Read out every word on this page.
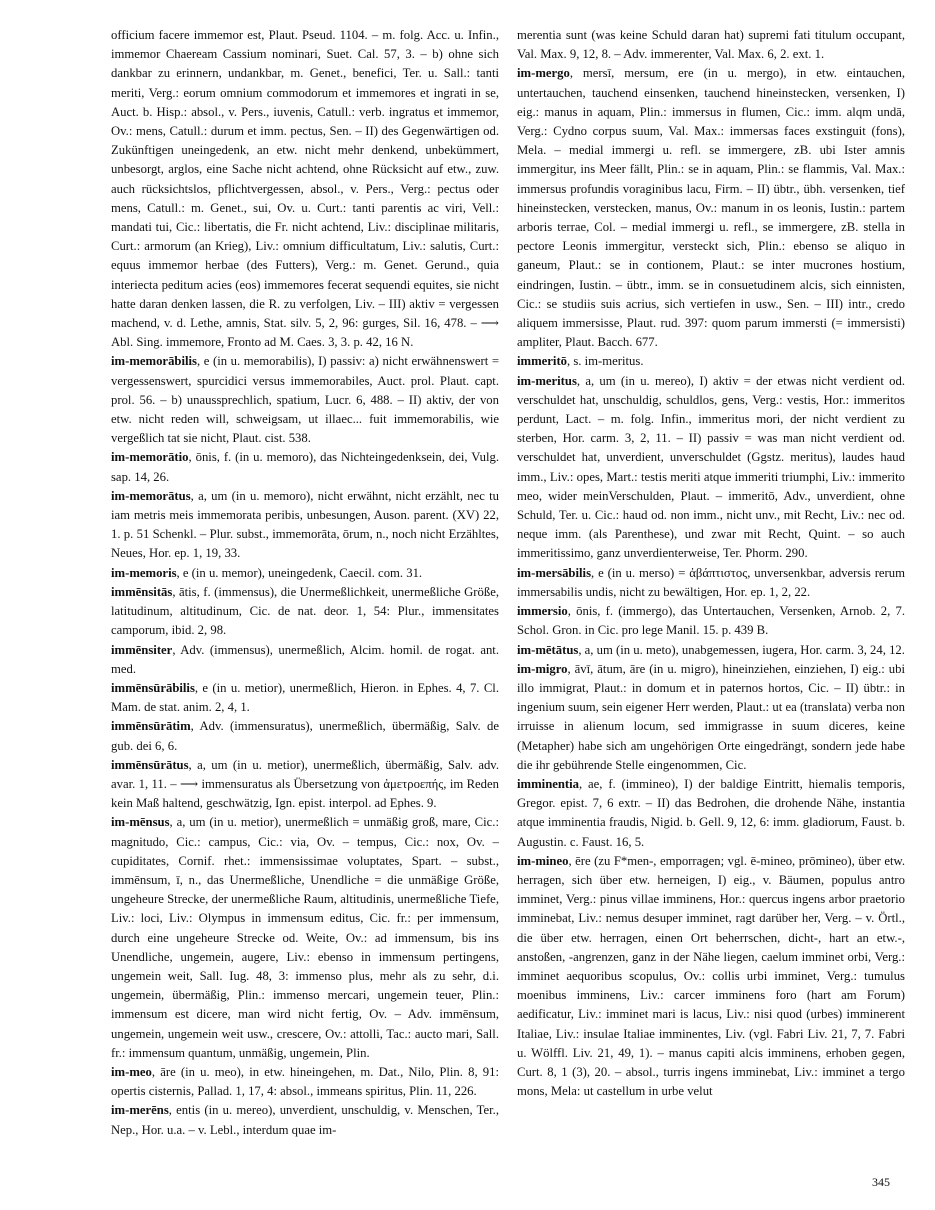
officium facere immemor est, Plaut. Pseud. 1104. – m. folg. Acc. u. Infin., immemor Chaeream Cassium nominari, Suet. Cal. 57, 3. – b) ohne sich dankbar zu erinnern, undankbar, m. Genet., benefici, Ter. u. Sall.: tanti meriti, Verg.: eorum omnium commodorum et immemores et ingrati in se, Auct. b. Hisp.: absol., v. Pers., iuvenis, Catull.: verb. ingratus et immemor, Ov.: mens, Catull.: durum et imm. pectus, Sen. – II) des Gegenwärtigen od. Zukünftigen uneingedenk, an etw. nicht mehr denkend, unbekümmert, unbesorgt, arglos, eine Sache nicht achtend, ohne Rücksicht auf etw., zuw. auch rücksichtslos, pflichtvergessen, absol., v. Pers., Verg.: pectus oder mens, Catull.: m. Genet., sui, Ov. u. Curt.: tanti parentis ac viri, Vell.: mandati tui, Cic.: libertatis, die Fr. nicht achtend, Liv.: disciplinae militaris, Curt.: armorum (an Krieg), Liv.: omnium difficultatum, Liv.: salutis, Curt.: equus immemor herbae (des Futters), Verg.: m. Genet. Gerund., quia interiecta peditum acies (eos) immemores fecerat sequendi equites, sie nicht hatte daran denken lassen, die R. zu verfolgen, Liv. – III) aktiv = vergessen machend, v. d. Lethe, amnis, Stat. silv. 5, 2, 96: gurges, Sil. 16, 478. – ⟶ Abl. Sing. immemore, Fronto ad M. Caes. 3, 3. p. 42, 16 N.

im-memorābilis, e (in u. memorabilis), I) passiv: a) nicht erwähnenswert = vergessenswert, spurcidici versus immemorabiles, Auct. prol. Plaut. capt. prol. 56. – b) unaussprechlich, spatium, Lucr. 6, 488. – II) aktiv, der von etw. nicht reden will, schweigsam, ut illaec... fuit immemorabilis, wie vergeßlich tat sie nicht, Plaut. cist. 538.

im-memorātio, ōnis, f. (in u. memoro), das Nichteingedenksein, dei, Vulg. sap. 14, 26.

im-memorātus, a, um (in u. memoro), nicht erwähnt, nicht erzählt, nec tu iam metris meis immemorata peribis, unbesungen, Auson. parent. (XV) 22, 1. p. 51 Schenkl. – Plur. subst., immemorāta, ōrum, n., noch nicht Erzähltes, Neues, Hor. ep. 1, 19, 33.

im-memoris, e (in u. memor), uneingedenk, Caecil. com. 31.

immēnsitās, ātis, f. (immensus), die Unermeßlichkeit, unermeßliche Größe, latitudinum, altitudinum, Cic. de nat. deor. 1, 54: Plur., immensitates camporum, ibid. 2, 98.

immēnsiter, Adv. (immensus), unermeßlich, Alcim. homil. de rogat. ant. med.

immēnsūrābilis, e (in u. metior), unermeßlich, Hieron. in Ephes. 4, 7. Cl. Mam. de stat. anim. 2, 4, 1.

immēnsūrātim, Adv. (immensuratus), unermeßlich, übermäßig, Salv. de gub. dei 6, 6.

immēnsūrātus, a, um (in u. metior), unermeßlich, übermäßig, Salv. adv. avar. 1, 11. – ⟶ immensuratus als Übersetzung von ἀμετροεπής, im Reden kein Maß haltend, geschwätzig, Ign. epist. interpol. ad Ephes. 9.

im-mēnsus, a, um (in u. metior), unermeßlich = unmäßig groß, mare, Cic.: magnitudo, Cic.: campus, Cic.: via, Ov. – tempus, Cic.: nox, Ov. – cupiditates, Cornif. rhet.: immensissimae voluptates, Spart. – subst., immēnsum, ī, n., das Unermeßliche, Unendliche = die unmäßige Größe, ungeheure Strecke, der unermeßliche Raum, altitudinis, unermeßliche Tiefe, Liv.: loci, Liv.: Olympus in immensum editus, Cic. fr.: per immensum, durch eine ungeheure Strecke od. Weite, Ov.: ad immensum, bis ins Unendliche, ungemein, augere, Liv.: ebenso in immensum pertingens, ungemein weit, Sall. Iug. 48, 3: immenso plus, mehr als zu sehr, d.i. ungemein, übermäßig, Plin.: immenso mercari, ungemein teuer, Plin.: immensum est dicere, man wird nicht fertig, Ov. – Adv. immēnsum, ungemein, ungemein weit usw., crescere, Ov.: attolli, Tac.: aucto mari, Sall. fr.: immensum quantum, unmäßig, ungemein, Plin.

im-meo, āre (in u. meo), in etw. hineingehen, m. Dat., Nilo, Plin. 8, 91: opertis cisternis, Pallad. 1, 17, 4: absol., immeans spiritus, Plin. 11, 226.

im-merēns, entis (in u. mereo), unverdient, unschuldig, v. Menschen, Ter., Nep., Hor. u.a. – v. Lebl., interdum quae im-

merentia sunt (was keine Schuld daran hat) supremi fati titulum occupant, Val. Max. 9, 12, 8. – Adv. immerenter, Val. Max. 6, 2. ext. 1.

im-mergo, mersī, mersum, ere (in u. mergo), in etw. eintauchen, untertauchen, tauchend einsenken, tauchend hineinstecken, versenken, I) eig.: manus in aquam, Plin.: immersus in flumen, Cic.: imm. alqm undā, Verg.: Cydno corpus suum, Val. Max.: immersas faces exstinguit (fons), Mela. – medial immergi u. refl. se immergere, zB. ubi Ister amnis immergitur, ins Meer fällt, Plin.: se in aquam, Plin.: se flammis, Val. Max.: immersus profundis voraginibus lacu, Firm. – II) übtr., übh. versenken, tief hineinstecken, verstecken, manus, Ov.: manum in os leonis, Iustin.: partem arboris terrae, Col. – medial immergi u. refl., se immergere, zB. stella in pectore Leonis immergitur, versteckt sich, Plin.: ebenso se aliquo in ganeum, Plaut.: se in contionem, Plaut.: se inter mucrones hostium, eindringen, Iustin. – übtr., imm. se in consuetudinem alcis, sich einnisten, Cic.: se studiis suis acrius, sich vertiefen in usw., Sen. – III) intr., credo aliquem immersisse, Plaut. rud. 397: quom parum immersti (= immersisti) ampliter, Plaut. Bacch. 677.

immeritō, s. im-meritus.

im-meritus, a, um (in u. mereo), I) aktiv = der etwas nicht verdient od. verschuldet hat, unschuldig, schuldlos, gens, Verg.: vestis, Hor.: immeritos perdunt, Lact. – m. folg. Infin., immeritus mori, der nicht verdient zu sterben, Hor. carm. 3, 2, 11. – II) passiv = was man nicht verdient od. verschuldet hat, unverdient, unverschuldet (Ggstz. meritus), laudes haud imm., Liv.: opes, Mart.: testis meriti atque immeriti triumphi, Liv.: immerito meo, wider meinVerschulden, Plaut. – immeritō, Adv., unverdient, ohne Schuld, Ter. u. Cic.: haud od. non imm., nicht unv., mit Recht, Liv.: nec od. neque imm. (als Parenthese), und zwar mit Recht, Quint. – so auch immeritissimo, ganz unverdienterweise, Ter. Phorm. 290.

im-mersābilis, e (in u. merso) = ἀβάπτιστος, unversenkbar, adversis rerum immersabilis undis, nicht zu bewältigen, Hor. ep. 1, 2, 22.

immersio, ōnis, f. (immergo), das Untertauchen, Versenken, Arnob. 2, 7. Schol. Gron. in Cic. pro lege Manil. 15. p. 439 B.

im-mētātus, a, um (in u. meto), unabgemessen, iugera, Hor. carm. 3, 24, 12.

im-migro, āvī, ātum, āre (in u. migro), hineinziehen, einziehen, I) eig.: ubi illo immigrat, Plaut.: in domum et in paternos hortos, Cic. – II) übtr.: in ingenium suum, sein eigener Herr werden, Plaut.: ut ea (translata) verba non irruisse in alienum locum, sed immigrasse in suum diceres, keine (Metapher) habe sich am ungehörigen Orte eingedrängt, sondern jede habe die ihr gebührende Stelle eingenommen, Cic.

imminentia, ae, f. (immineo), I) der baldige Eintritt, hiemalis temporis, Gregor. epist. 7, 6 extr. – II) das Bedrohen, die drohende Nähe, instantia atque imminentia fraudis, Nigid. b. Gell. 9, 12, 6: imm. gladiorum, Faust. b. Augustin. c. Faust. 16, 5.

im-mineo, ēre (zu F*men-, emporragen; vgl. ē-mineo, prōmineo), über etw. herragen, sich über etw. herneigen, I) eig., v. Bäumen, populus antro imminet, Verg.: pinus villae imminens, Hor.: quercus ingens arbor praetorio imminebat, Liv.: nemus desuper imminet, ragt darüber her, Verg. – v. Örtl., die über etw. herragen, einen Ort beherrschen, dicht-, hart an etw.-, anstoßen, -angrenzen, ganz in der Nähe liegen, caelum imminet orbi, Verg.: imminet aequoribus scopulus, Ov.: collis urbi imminet, Verg.: tumulus moenibus imminens, Liv.: carcer imminens foro (hart am Forum) aedificatur, Liv.: imminet mari is lacus, Liv.: nisi quod (urbes) imminerent Italiae, Liv.: insulae Italiae imminentes, Liv. (vgl. Fabri Liv. 21, 7, 7. Fabri u. Wölffl. Liv. 21, 49, 1). – manus capiti alcis imminens, erhoben gegen, Curt. 8, 1 (3), 20. – absol., turris ingens imminebat, Liv.: imminet a tergo mons, Mela: ut castellum in urbe velut

345
